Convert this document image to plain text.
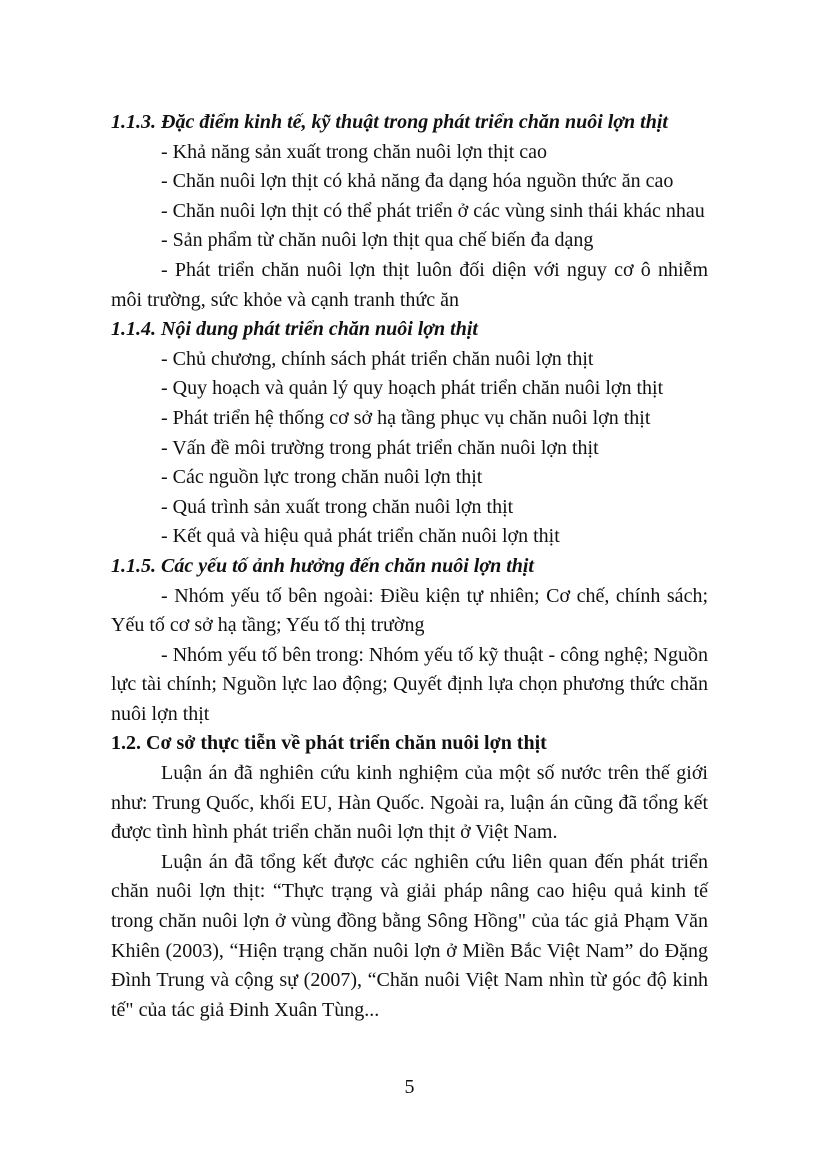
1.1.3. Đặc điểm kinh tế, kỹ thuật trong phát triển chăn nuôi lợn thịt

- Khả năng sản xuất trong chăn nuôi lợn thịt cao

- Chăn nuôi lợn thịt có khả năng đa dạng hóa nguồn thức ăn cao

- Chăn nuôi lợn thịt có thể phát triển ở các vùng sinh thái khác nhau

- Sản phẩm từ chăn nuôi lợn thịt qua chế biến đa dạng

- Phát triển chăn nuôi lợn thịt luôn đối diện với nguy cơ ô nhiễm môi trường, sức khỏe và cạnh tranh thức ăn

1.1.4. Nội dung phát triển chăn nuôi lợn thịt

- Chủ chương, chính sách phát triển chăn nuôi lợn thịt

- Quy hoạch và quản lý quy hoạch phát triển chăn nuôi lợn thịt

- Phát triển hệ thống cơ sở hạ tầng phục vụ chăn nuôi lợn thịt

- Vấn đề môi trường trong phát triển chăn nuôi lợn thịt

- Các nguồn lực trong chăn nuôi lợn thịt

- Quá trình sản xuất trong chăn nuôi lợn thịt

- Kết quả và hiệu quả phát triển chăn nuôi lợn thịt

1.1.5. Các yếu tố ảnh hưởng đến chăn nuôi lợn thịt

- Nhóm yếu tố bên ngoài: Điều kiện tự nhiên; Cơ chế, chính sách; Yếu tố cơ sở hạ tầng; Yếu tố thị trường

- Nhóm yếu tố bên trong: Nhóm yếu tố kỹ thuật - công nghệ; Nguồn lực tài chính; Nguồn lực lao động; Quyết định lựa chọn phương thức chăn nuôi lợn thịt

1.2. Cơ sở thực tiễn về phát triển chăn nuôi lợn thịt

Luận án đã nghiên cứu kinh nghiệm của một số nước trên thế giới như: Trung Quốc, khối EU, Hàn Quốc. Ngoài ra, luận án cũng đã tổng kết được tình hình phát triển chăn nuôi lợn thịt ở Việt Nam.

Luận án đã tổng kết được các nghiên cứu liên quan đến phát triển chăn nuôi lợn thịt: “Thực trạng và giải pháp nâng cao hiệu quả kinh tế trong chăn nuôi lợn ở vùng đồng bằng Sông Hồng" của tác giả Phạm Văn Khiên (2003), “Hiện trạng chăn nuôi lợn ở Miền Bắc Việt Nam” do Đặng Đình Trung và cộng sự (2007), “Chăn nuôi Việt Nam nhìn từ góc độ kinh tế" của tác giả Đinh Xuân Tùng...

5
